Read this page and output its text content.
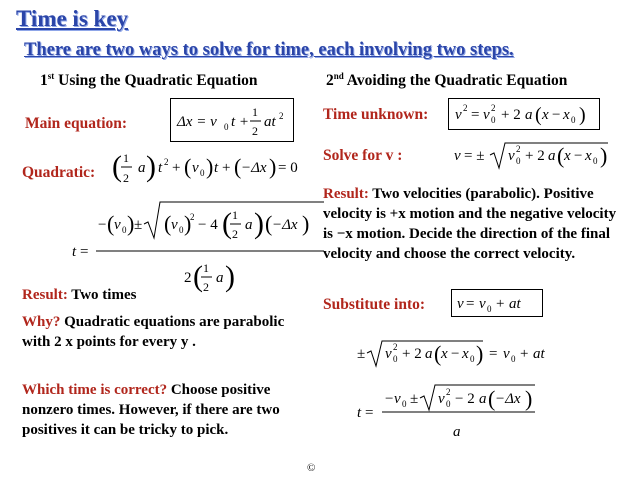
Time is key
There are two ways to solve for time, each involving two steps.
1st Using the Quadratic Equation	2nd Avoiding the Quadratic Equation
Main equation:	Δx = v 0 t +
1
2
at 2
Quadratic: ( 1
2
a ) t 2 + ( v 0 ) t + ( −Δx ) = 0
t =
− ( v 0 ) ± ( v 0 )
2 − 4 ( 1
2
a ) ( −Δx )
2 ( 1
2
a )
Result: Two times
Why? Quadratic equations are parabolic with 2 x points for every y .
Which time is correct? Choose positive nonzero times. However, if there are two positives it can be tricky to pick.
Time unknown: v 2 = v 0
2 + 2 a ( x − x 0 )
Solve for v :	v = ± v 0
2 + 2 a ( x − x 0 )
Result: Two velocities (parabolic). Positive velocity is +x motion and the negative velocity is −x motion. Decide the direction of the final velocity and choose the correct velocity.
Substitute into: v = v 0 + at
± v 0
2 + 2 a ( x − x 0 ) = v 0 + at
t =
− v 0 ± v 0
2 − 2 a ( −Δx )
a
©
